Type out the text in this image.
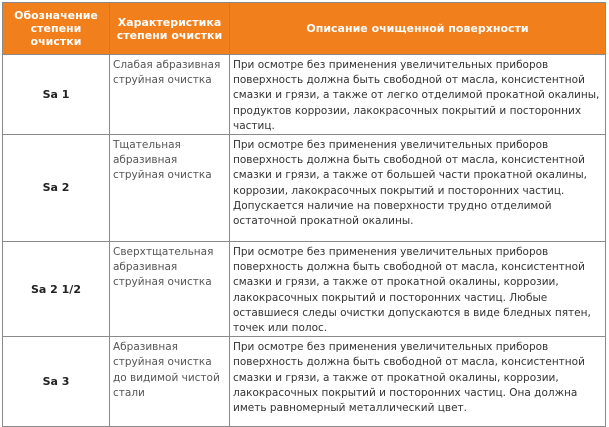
Обозначение степени очистки	Характеристика степени очистки	Описание очищенной поверхности
Sa 1	Слабая абразивная струйная очистка	При осмотре без применения увеличительных приборов поверхность должна быть свободной от масла, консистентной смазки и грязи, а также от легко отделимой прокатной окалины, продуктов коррозии, лакокрасочных покрытий и посторонних частиц.
Sa 2	Тщательная абразивная струйная очистка	При осмотре без применения увеличительных приборов поверхность должна быть свободной от масла, консистентной смазки и грязи, а также от большей части прокатной окалины, коррозии, лакокрасочных покрытий и посторонних частиц. Допускается наличие на поверхности трудно отделимой остаточной прокатной окалины.
Sa 2 1/2	Сверхтщательная абразивная струйная очистка	При осмотре без применения увеличительных приборов поверхность должна быть свободной от масла, консистентной смазки и грязи, а также от прокатной окалины, коррозии, лакокрасочных покрытий и посторонних частиц. Любые оставшиеся следы очистки допускаются в виде бледных пятен, точек или полос.
Sa 3	Абразивная струйная очистка до видимой чистой стали	При осмотре без применения увеличительных приборов поверхность должна быть свободной от масла, консистентной смазки и грязи, а также от прокатной окалины, коррозии, лакокрасочных покрытий и посторонних частиц. Она должна иметь равномерный металлический цвет.
